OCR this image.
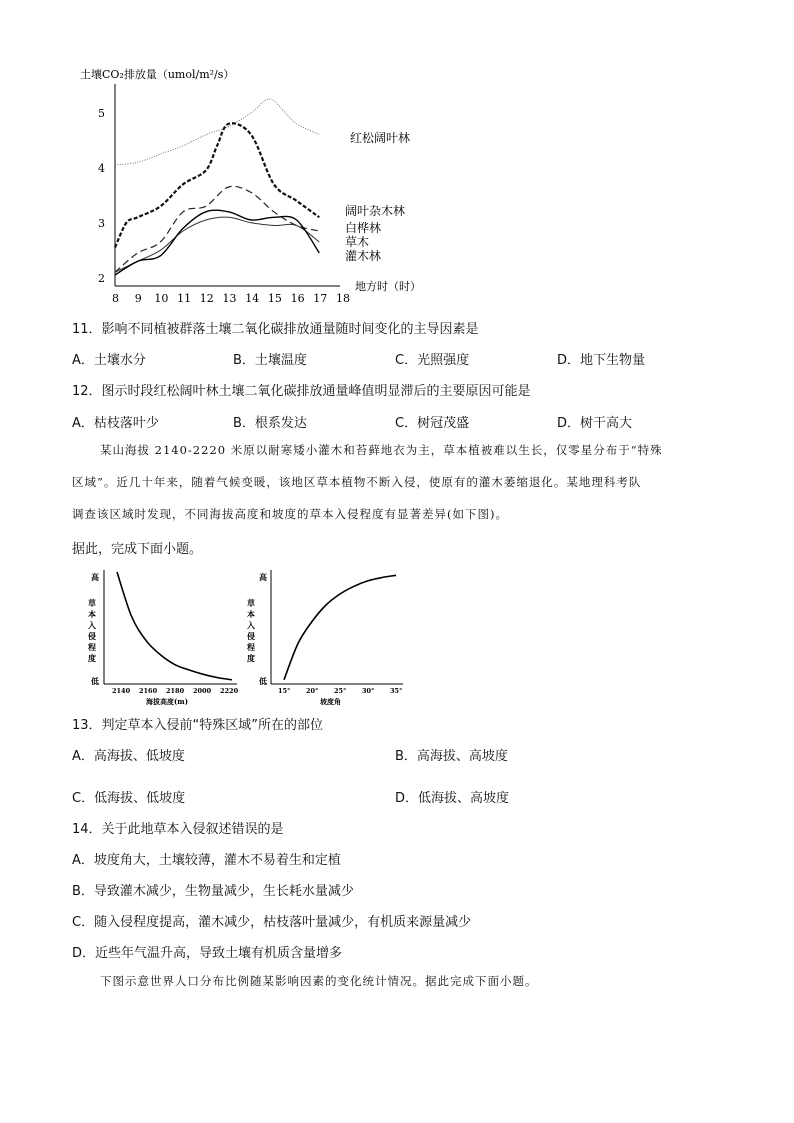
土壤CO₂排放量（umol/m²/s）
2
3
4
5
8 9 10 11 12 13 14 15 16 17 18
红松阔叶林
阔叶杂木林
白桦林
草木
灌木林
地方时（时）
11．影响不同植被群落土壤二氧化碳排放通量随时间变化的主导因素是
A．土壤水分	B．土壤温度	C．光照强度	D．地下生物量
12．图示时段红松阔叶林土壤二氧化碳排放通量峰值明显滞后的主要原因可能是
A．枯枝落叶少	B．根系发达	C．树冠茂盛	D．树干高大
某山海拔 2140-2220 米原以耐寒矮小灌木和苔藓地衣为主，草本植被难以生长，仅零星分布于“特殊
区域”。近几十年来，随着气候变暖，该地区草本植物不断入侵，使原有的灌木萎缩退化。某地理科考队
调查该区域时发现，不同海拔高度和坡度的草本入侵程度有显著差异(如下图)。
据此，完成下面小题。
高
低
草
本
入
侵
程
度
2140 2160 2180 2000 2220
海拔高度(m)
高
低
草
本
入
侵
程
度
15° 20° 25° 30° 35°
坡度角
13．判定草本入侵前“特殊区域”所在的部位
A．高海拔、低坡度	B．高海拔、高坡度
C．低海拔、低坡度	D．低海拔、高坡度
14．关于此地草本入侵叙述错误的是
A．坡度角大，土壤较薄，灌木不易着生和定植
B．导致灌木减少，生物量减少，生长耗水量减少
C．随入侵程度提高，灌木减少，枯枝落叶量减少，有机质来源量减少
D．近些年气温升高，导致土壤有机质含量增多
下图示意世界人口分布比例随某影响因素的变化统计情况。据此完成下面小题。
